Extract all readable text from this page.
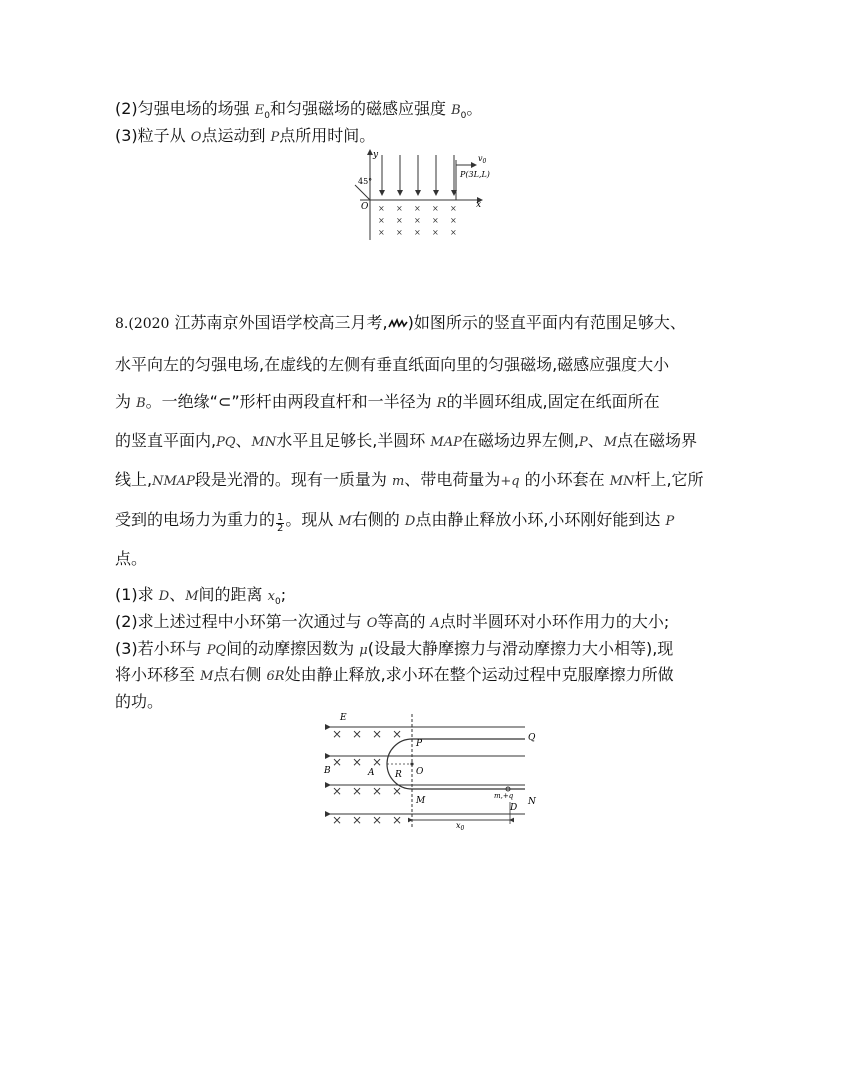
(2)匀强电场的场强 $E_0$和匀强磁场的磁感应强度 $B_0$。
(3)粒子从 O点运动到 P点所用时间。
y
x
O
45°
$v_0$
P(3L,L)
× × × × ×
× × × × ×
× × × × ×
8.(2020 江苏南京外国语学校高三月考, )如图所示的竖直平面内有范围足够大、
水平向左的匀强电场,在虚线的左侧有垂直纸面向里的匀强磁场,磁感应强度大小
为 B。一绝缘“⊂”形杆由两段直杆和一半径为 R的半圆环组成,固定在纸面所在
的竖直平面内,PQ、MN水平且足够长,半圆环 MAP在磁场边界左侧,P、M点在磁场界
线上,NMAP段是光滑的。现有一质量为 m、带电荷量为+q 的小环套在 MN杆上,它所
受到的电场力为重力的 $\frac{1}{2}$ 。现从 M右侧的 D点由静止释放小环,小环刚好能到达 P
点。
(1)求 D、M间的距离 $x_0$;
(2)求上述过程中小环第一次通过与 O等高的 A点时半圆环对小环作用力的大小;
(3)若小环与 PQ间的动摩擦因数为 μ(设最大静摩擦力与滑动摩擦力大小相等),现
将小环移至 M点右侧 6R处由静止释放,求小环在整个运动过程中克服摩擦力所做
的功。
E
B
× × × ×
× × ×
× × × ×
× × × ×
P
Q
A R O
M	N
m,+q
D
$x_0$
